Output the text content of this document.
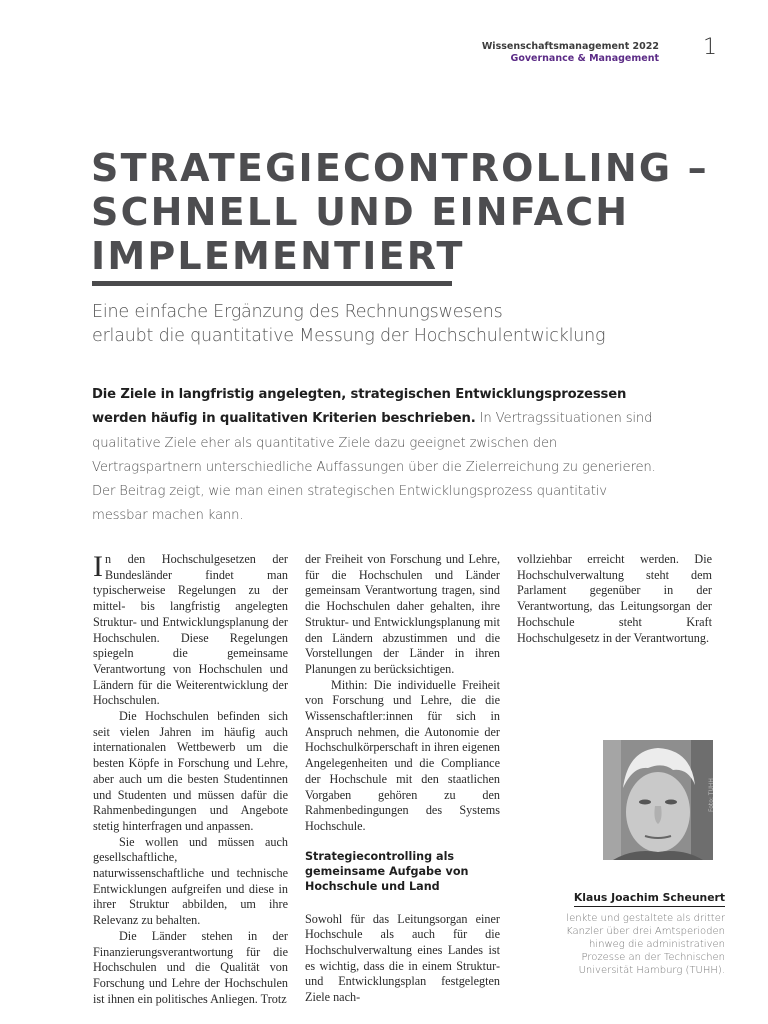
Wissenschaftsmanagement 2022
Governance & Management 1
STRATEGIECONTROLLING –
SCHNELL UND EINFACH
IMPLEMENTIERT
Eine einfache Ergänzung des Rechnungswesens
erlaubt die quantitative Messung der Hochschulentwicklung

Die Ziele in langfristig angelegten, strategischen Entwicklungsprozessen werden häufig in qualitativen Kriterien beschrieben. In Vertragssituationen sind qualitative Ziele eher als quantitative Ziele dazu geeignet zwischen den Vertragspartnern unterschiedliche Auffassungen über die Zielerreichung zu generieren. Der Beitrag zeigt, wie man einen strategischen Entwicklungsprozess quantitativ messbar machen kann.

In den Hochschulgesetzen der Bundesländer findet man typischerweise Regelungen zu der mittel- bis langfristig angelegten Struktur- und Entwicklungsplanung der Hochschulen. Diese Regelungen spiegeln die gemeinsame Verantwortung von Hochschulen und Ländern für die Weiterentwicklung der Hochschulen.

Die Hochschulen befinden sich seit vielen Jahren im häufig auch internationalen Wettbewerb um die besten Köpfe in Forschung und Lehre, aber auch um die besten Studentinnen und Studenten und müssen dafür die Rahmenbedingungen und Angebote stetig hinterfragen und anpassen.

Sie wollen und müssen auch gesellschaftliche, naturwissenschaftliche und technische Entwicklungen aufgreifen und diese in ihrer Struktur abbilden, um ihre Relevanz zu behalten.

Die Länder stehen in der Finanzierungsverantwortung für die Hochschulen und die Qualität von Forschung und Lehre der Hochschulen ist ihnen ein politisches Anliegen. Trotz

der Freiheit von Forschung und Lehre, für die Hochschulen und Länder gemeinsam Verantwortung tragen, sind die Hochschulen daher gehalten, ihre Struktur- und Entwicklungsplanung mit den Ländern abzustimmen und die Vorstellungen der Länder in ihren Planungen zu berücksichtigen.

Mithin: Die individuelle Freiheit von Forschung und Lehre, die die Wissenschaftler:innen für sich in Anspruch nehmen, die Autonomie der Hochschulkörperschaft in ihren eigenen Angelegenheiten und die Compliance der Hochschule mit den staatlichen Vorgaben gehören zu den Rahmenbedingungen des Systems Hochschule.

Strategiecontrolling als gemeinsame Aufgabe von Hochschule und Land

Sowohl für das Leitungsorgan einer Hochschule als auch für die Hochschulverwaltung eines Landes ist es wichtig, dass die in einem Struktur- und Entwicklungsplan festgelegten Ziele nach-

vollziehbar erreicht werden. Die Hochschulverwaltung steht dem Parlament gegenüber in der Verantwortung, das Leitungsorgan der Hochschule steht Kraft Hochschulgesetz in der Verantwortung.

Foto: TUHH
Klaus Joachim Scheunert

lenkte und gestaltete als dritter
Kanzler über drei Amtsperioden
hinweg die administrativen
Prozesse an der Technischen
Universität Hamburg (TUHH).
